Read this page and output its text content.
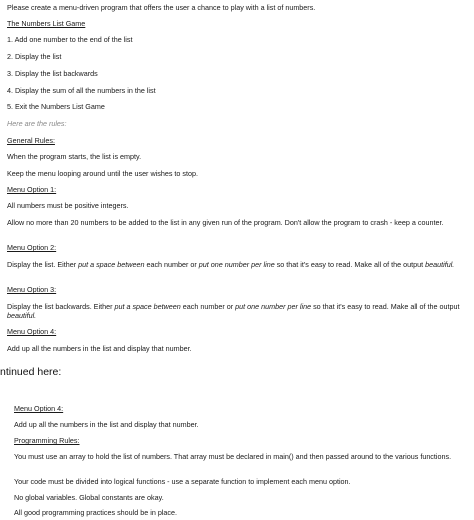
Please create a menu-driven program that offers the user a chance to play with a list of numbers.
The Numbers List Game
1. Add one number to the end of the list
2. Display the list
3. Display the list backwards
4. Display the sum of all the numbers in the list
5. Exit the Numbers List Game
Here are the rules:
General Rules:
When the program starts, the list is empty.
Keep the menu looping around until the user wishes to stop.
Menu Option 1:
All numbers must be positive integers.
Allow no more than 20 numbers to be added to the list in any given run of the program. Don't allow the program to crash - keep a counter.
Menu Option 2:
Display the list. Either put a space between each number or put one number per line so that it's easy to read. Make all of the output beautiful.
Menu Option 3:
Display the list backwards. Either put a space between each number or put one number per line so that it's easy to read. Make all of the output beautiful.
Menu Option 4:
Add up all the numbers in the list and display that number.
ntinued here:
Menu Option 4:
Add up all the numbers in the list and display that number.
Programming Rules:
You must use an array to hold the list of numbers. That array must be declared in main() and then passed around to the various functions.
Your code must be divided into logical functions - use a separate function to implement each menu option.
No global variables. Global constants are okay.
All good programming practices should be in place.
